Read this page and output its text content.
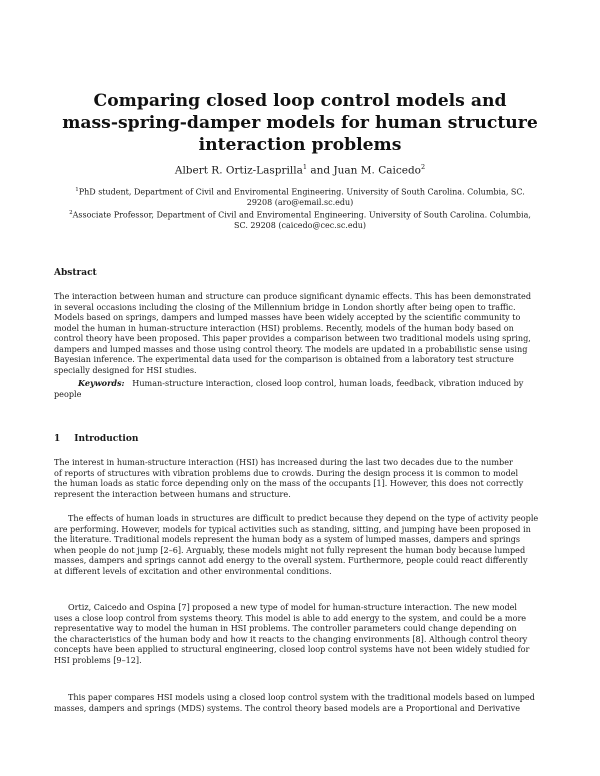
Comparing closed loop control models and
mass-spring-damper models for human structure
interaction problems
Albert R. Ortiz-Lasprilla$^1$ and Juan M. Caicedo$^2$
$^1$PhD student, Department of Civil and Enviromental Engineering. University of South Carolina. Columbia, SC.
29208 (aro@email.sc.edu)
$^2$Associate Professor, Department of Civil and Enviromental Engineering. University of South Carolina. Columbia,
SC. 29208 (caicedo@cec.sc.edu)
Abstract
The interaction between human and structure can produce significant dynamic effects. This has been demonstrated
in several occasions including the closing of the Millennium bridge in London shortly after being open to traffic.
Models based on springs, dampers and lumped masses have been widely accepted by the scientific community to
model the human in human-structure interaction (HSI) problems. Recently, models of the human body based on
control theory have been proposed. This paper provides a comparison between two traditional models using spring,
dampers and lumped masses and those using control theory. The models are updated in a probabilistic sense using
Bayesian inference. The experimental data used for the comparison is obtained from a laboratory test structure
specially designed for HSI studies.
Keywords: Human-structure interaction, closed loop control, human loads, feedback, vibration induced by
people
1 Introduction
The interest in human-structure interaction (HSI) has increased during the last two decades due to the number
of reports of structures with vibration problems due to crowds. During the design process it is common to model
the human loads as static force depending only on the mass of the occupants [1]. However, this does not correctly
represent the interaction between humans and structure.
The effects of human loads in structures are difficult to predict because they depend on the type of activity people
are performing. However, models for typical activities such as standing, sitting, and jumping have been proposed in
the literature. Traditional models represent the human body as a system of lumped masses, dampers and springs
when people do not jump [2–6]. Arguably, these models might not fully represent the human body because lumped
masses, dampers and springs cannot add energy to the overall system. Furthermore, people could react differently
at different levels of excitation and other environmental conditions.
Ortiz, Caicedo and Ospina [7] proposed a new type of model for human-structure interaction. The new model
uses a close loop control from systems theory. This model is able to add energy to the system, and could be a more
representative way to model the human in HSI problems. The controller parameters could change depending on
the characteristics of the human body and how it reacts to the changing environments [8]. Although control theory
concepts have been applied to structural engineering, closed loop control systems have not been widely studied for
HSI problems [9–12].
This paper compares HSI models using a closed loop control system with the traditional models based on lumped
masses, dampers and springs (MDS) systems. The control theory based models are a Proportional and Derivative
